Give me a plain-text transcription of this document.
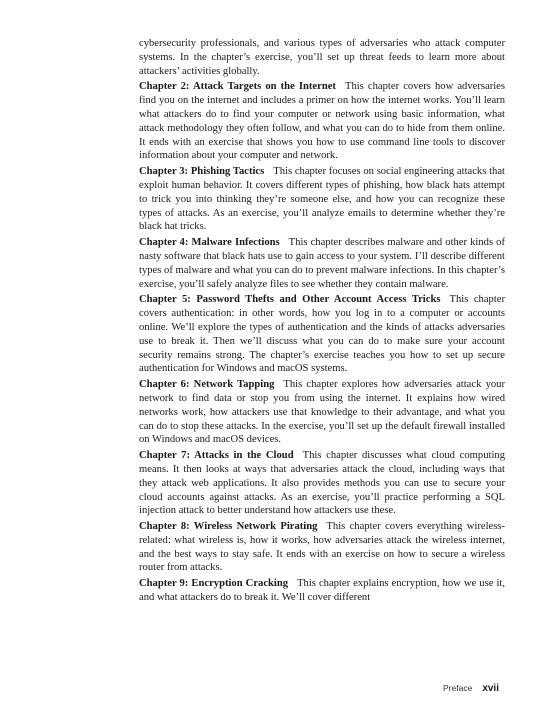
cybersecurity professionals, and various types of adversaries who attack computer systems. In the chapter’s exercise, you’ll set up threat feeds to learn more about attackers’ activities globally.

Chapter 2: Attack Targets on the Internet This chapter covers how adversaries find you on the internet and includes a primer on how the internet works. You’ll learn what attackers do to find your computer or network using basic information, what attack methodology they often follow, and what you can do to hide from them online. It ends with an exercise that shows you how to use command line tools to discover information about your computer and network.

Chapter 3: Phishing Tactics This chapter focuses on social engineering attacks that exploit human behavior. It covers different types of phishing, how black hats attempt to trick you into thinking they’re someone else, and how you can recognize these types of attacks. As an exercise, you’ll analyze emails to determine whether they’re black hat tricks.

Chapter 4: Malware Infections This chapter describes malware and other kinds of nasty software that black hats use to gain access to your system. I’ll describe different types of malware and what you can do to prevent malware infections. In this chapter’s exercise, you’ll safely analyze files to see whether they contain malware.

Chapter 5: Password Thefts and Other Account Access Tricks This chapter covers authentication: in other words, how you log in to a computer or accounts online. We’ll explore the types of authentication and the kinds of attacks adversaries use to break it. Then we’ll discuss what you can do to make sure your account security remains strong. The chapter’s exercise teaches you how to set up secure authentication for Windows and macOS systems.

Chapter 6: Network Tapping This chapter explores how adversaries attack your network to find data or stop you from using the internet. It explains how wired networks work, how attackers use that knowledge to their advantage, and what you can do to stop these attacks. In the exercise, you’ll set up the default firewall installed on Windows and macOS devices.

Chapter 7: Attacks in the Cloud This chapter discusses what cloud computing means. It then looks at ways that adversaries attack the cloud, including ways that they attack web applications. It also provides methods you can use to secure your cloud accounts against attacks. As an exercise, you’ll practice performing a SQL injection attack to better understand how attackers use these.

Chapter 8: Wireless Network Pirating This chapter covers everything wireless-related: what wireless is, how it works, how adversaries attack the wireless internet, and the best ways to stay safe. It ends with an exercise on how to secure a wireless router from attacks.

Chapter 9: Encryption Cracking This chapter explains encryption, how we use it, and what attackers do to break it. We’ll cover different

Preface xvii
